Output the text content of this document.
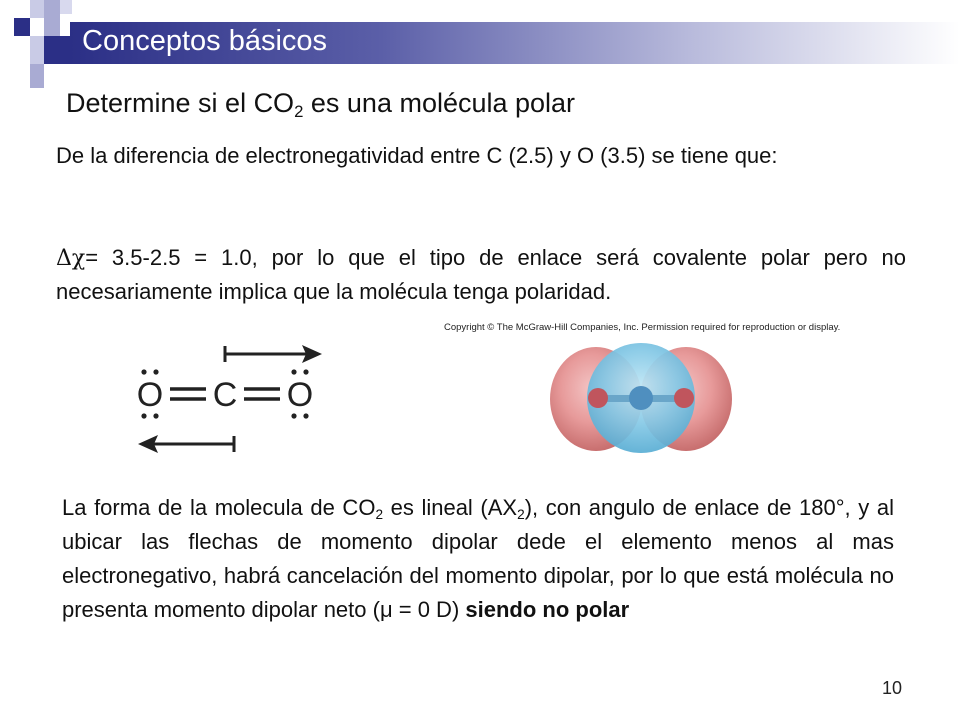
Conceptos básicos
Determine si el $CO_2$ es una molécula polar
De la diferencia de electronegatividad entre C (2.5) y O (3.5) se tiene que:
Δχ= 3.5-2.5 = 1.0, por lo que el tipo de enlace será covalente polar pero no necesariamente implica que la molécula tenga polaridad.
Copyright © The McGraw-Hill Companies, Inc. Permission required for reproduction or display.
O C O
La forma de la molecula de $CO_2$ es lineal $(AX_2)$, con angulo de enlace de 180°, y al ubicar las flechas de momento dipolar dede el elemento menos al mas electronegativo, habrá cancelación del momento dipolar, por lo que está molécula no presenta momento dipolar neto (μ = 0 D) siendo no polar
10
